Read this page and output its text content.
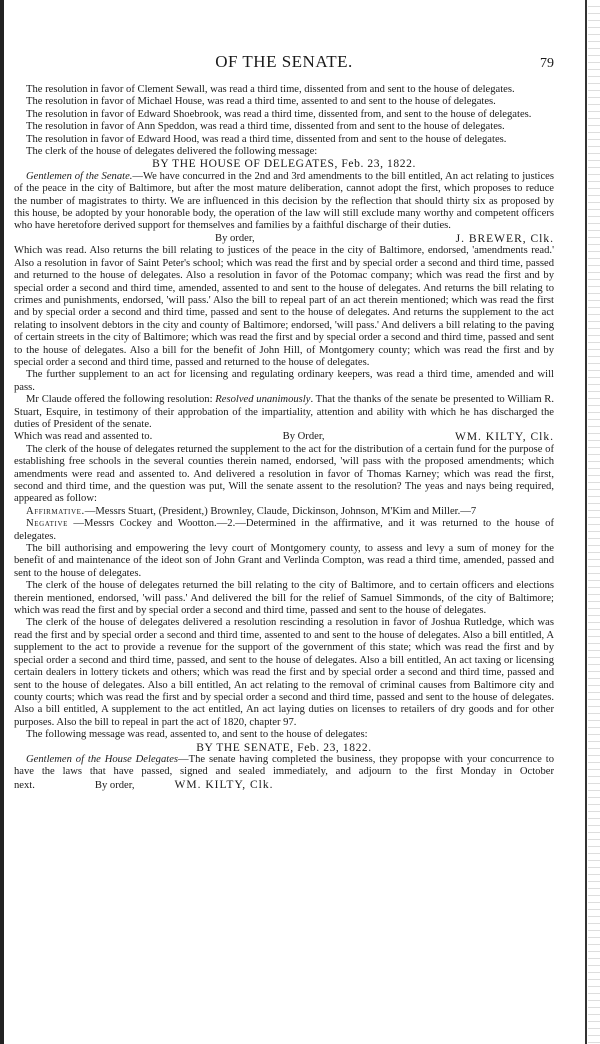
OF THE SENATE.	79

The resolution in favor of Clement Sewall, was read a third time, dissented from and sent to the house of delegates.

The resolution in favor of Michael House, was read a third time, assented to and sent to the house of delegates.

The resolution in favor of Edward Shoebrook, was read a third time, dissented from, and sent to the house of delegates.

The resolution in favor of Ann Speddon, was read a third time, dissented from and sent to the house of delegates.

The resolution in favor of Edward Hood, was read a third time, dissented from and sent to the house of delegates.

The clerk of the house of delegates delivered the following message:

BY THE HOUSE OF DELEGATES, Feb. 23, 1822.

Gentlemen of the Senate.—We have concurred in the 2nd and 3rd amendments to the bill entitled, An act relating to justices of the peace in the city of Baltimore, but after the most mature deliberation, cannot adopt the first, which proposes to reduce the number of magistrates to thirty. We are influenced in this decision by the reflection that should thirty six as proposed by this house, be adopted by your honorable body, the operation of the law will still exclude many worthy and competent officers who have heretofore derived support for themselves and families by a faithful discharge of their duties.

By order,	J. BREWER, Clk.

Which was read. Also returns the bill relating to justices of the peace in the city of Baltimore, endorsed, 'amendments read.' Also a resolution in favor of Saint Peter's school; which was read the first and by special order a second and third time, passed and returned to the house of delegates. Also a resolution in favor of the Potomac company; which was read the first and by special order a second and third time, amended, assented to and sent to the house of delegates. And returns the bill relating to crimes and punishments, endorsed, 'will pass.' Also the bill to repeal part of an act therein mentioned; which was read the first and by special order a second and third time, passed and sent to the house of delegates. And returns the supplement to the act relating to insolvent debtors in the city and county of Baltimore; endorsed, 'will pass.' And delivers a bill relating to the paving of certain streets in the city of Baltimore; which was read the first and by special order a second and third time, passed and sent to the house of delegates. Also a bill for the benefit of John Hill, of Montgomery county; which was read the first and by special order a second and third time, passed and returned to the house of delegates.

The further supplement to an act for licensing and regulating ordinary keepers, was read a third time, amended and will pass.

Mr Claude offered the following resolution: Resolved unanimously. That the thanks of the senate be presented to William R. Stuart, Esquire, in testimony of their approbation of the impartiality, attention and ability with which he has discharged the duties of President of the senate.

Which was read and assented to.	By Order,	WM. KILTY, Clk.

The clerk of the house of delegates returned the supplement to the act for the distribution of a certain fund for the purpose of establishing free schools in the several counties therein named, endorsed, 'will pass with the proposed amendments; which amendments were read and assented to. And delivered a resolution in favor of Thomas Karney; which was read the first, second and third time, and the question was put, Will the senate assent to the resolution? The yeas and nays being required, appeared as follow:

Affirmative.—Messrs Stuart, (President,) Brownley, Claude, Dickinson, Johnson, M'Kim and Miller.—7

Negative —Messrs Cockey and Wootton.—2.—Determined in the affirmative, and it was returned to the house of delegates.

The bill authorising and empowering the levy court of Montgomery county, to assess and levy a sum of money for the benefit of and maintenance of the ideot son of John Grant and Verlinda Compton, was read a third time, amended, passed and sent to the house of delegates.

The clerk of the house of delegates returned the bill relating to the city of Baltimore, and to certain officers and elections therein mentioned, endorsed, 'will pass.' And delivered the bill for the relief of Samuel Simmonds, of the city of Baltimore; which was read the first and by special order a second and third time, passed and sent to the house of delegates.

The clerk of the house of delegates delivered a resolution rescinding a resolution in favor of Joshua Rutledge, which was read the first and by special order a second and third time, assented to and sent to the house of delegates. Also a bill entitled, A supplement to the act to provide a revenue for the support of the government of this state; which was read the first and by special order a second and third time, passed, and sent to the house of delegates. Also a bill entitled, An act taxing or licensing certain dealers in lottery tickets and others; which was read the first and by special order a second and third time, passed and sent to the house of delegates. Also a bill entitled, An act relating to the removal of criminal causes from Baltimore city and county courts; which was read the first and by special order a second and third time, passed and sent to the house of delegates. Also a bill entitled, A supplement to the act entitled, An act laying duties on licenses to retailers of dry goods and for other purposes. Also the bill to repeal in part the act of 1820, chapter 97.

The following message was read, assented to, and sent to the house of delegates:

BY THE SENATE, Feb. 23, 1822.

Gentlemen of the House Delegates—The senate having completed the business, they propopse with your concurrence to have the laws that have passed, signed and sealed immediately, and adjourn to the first Monday in October next.	By order,	WM. KILTY, Clk.
